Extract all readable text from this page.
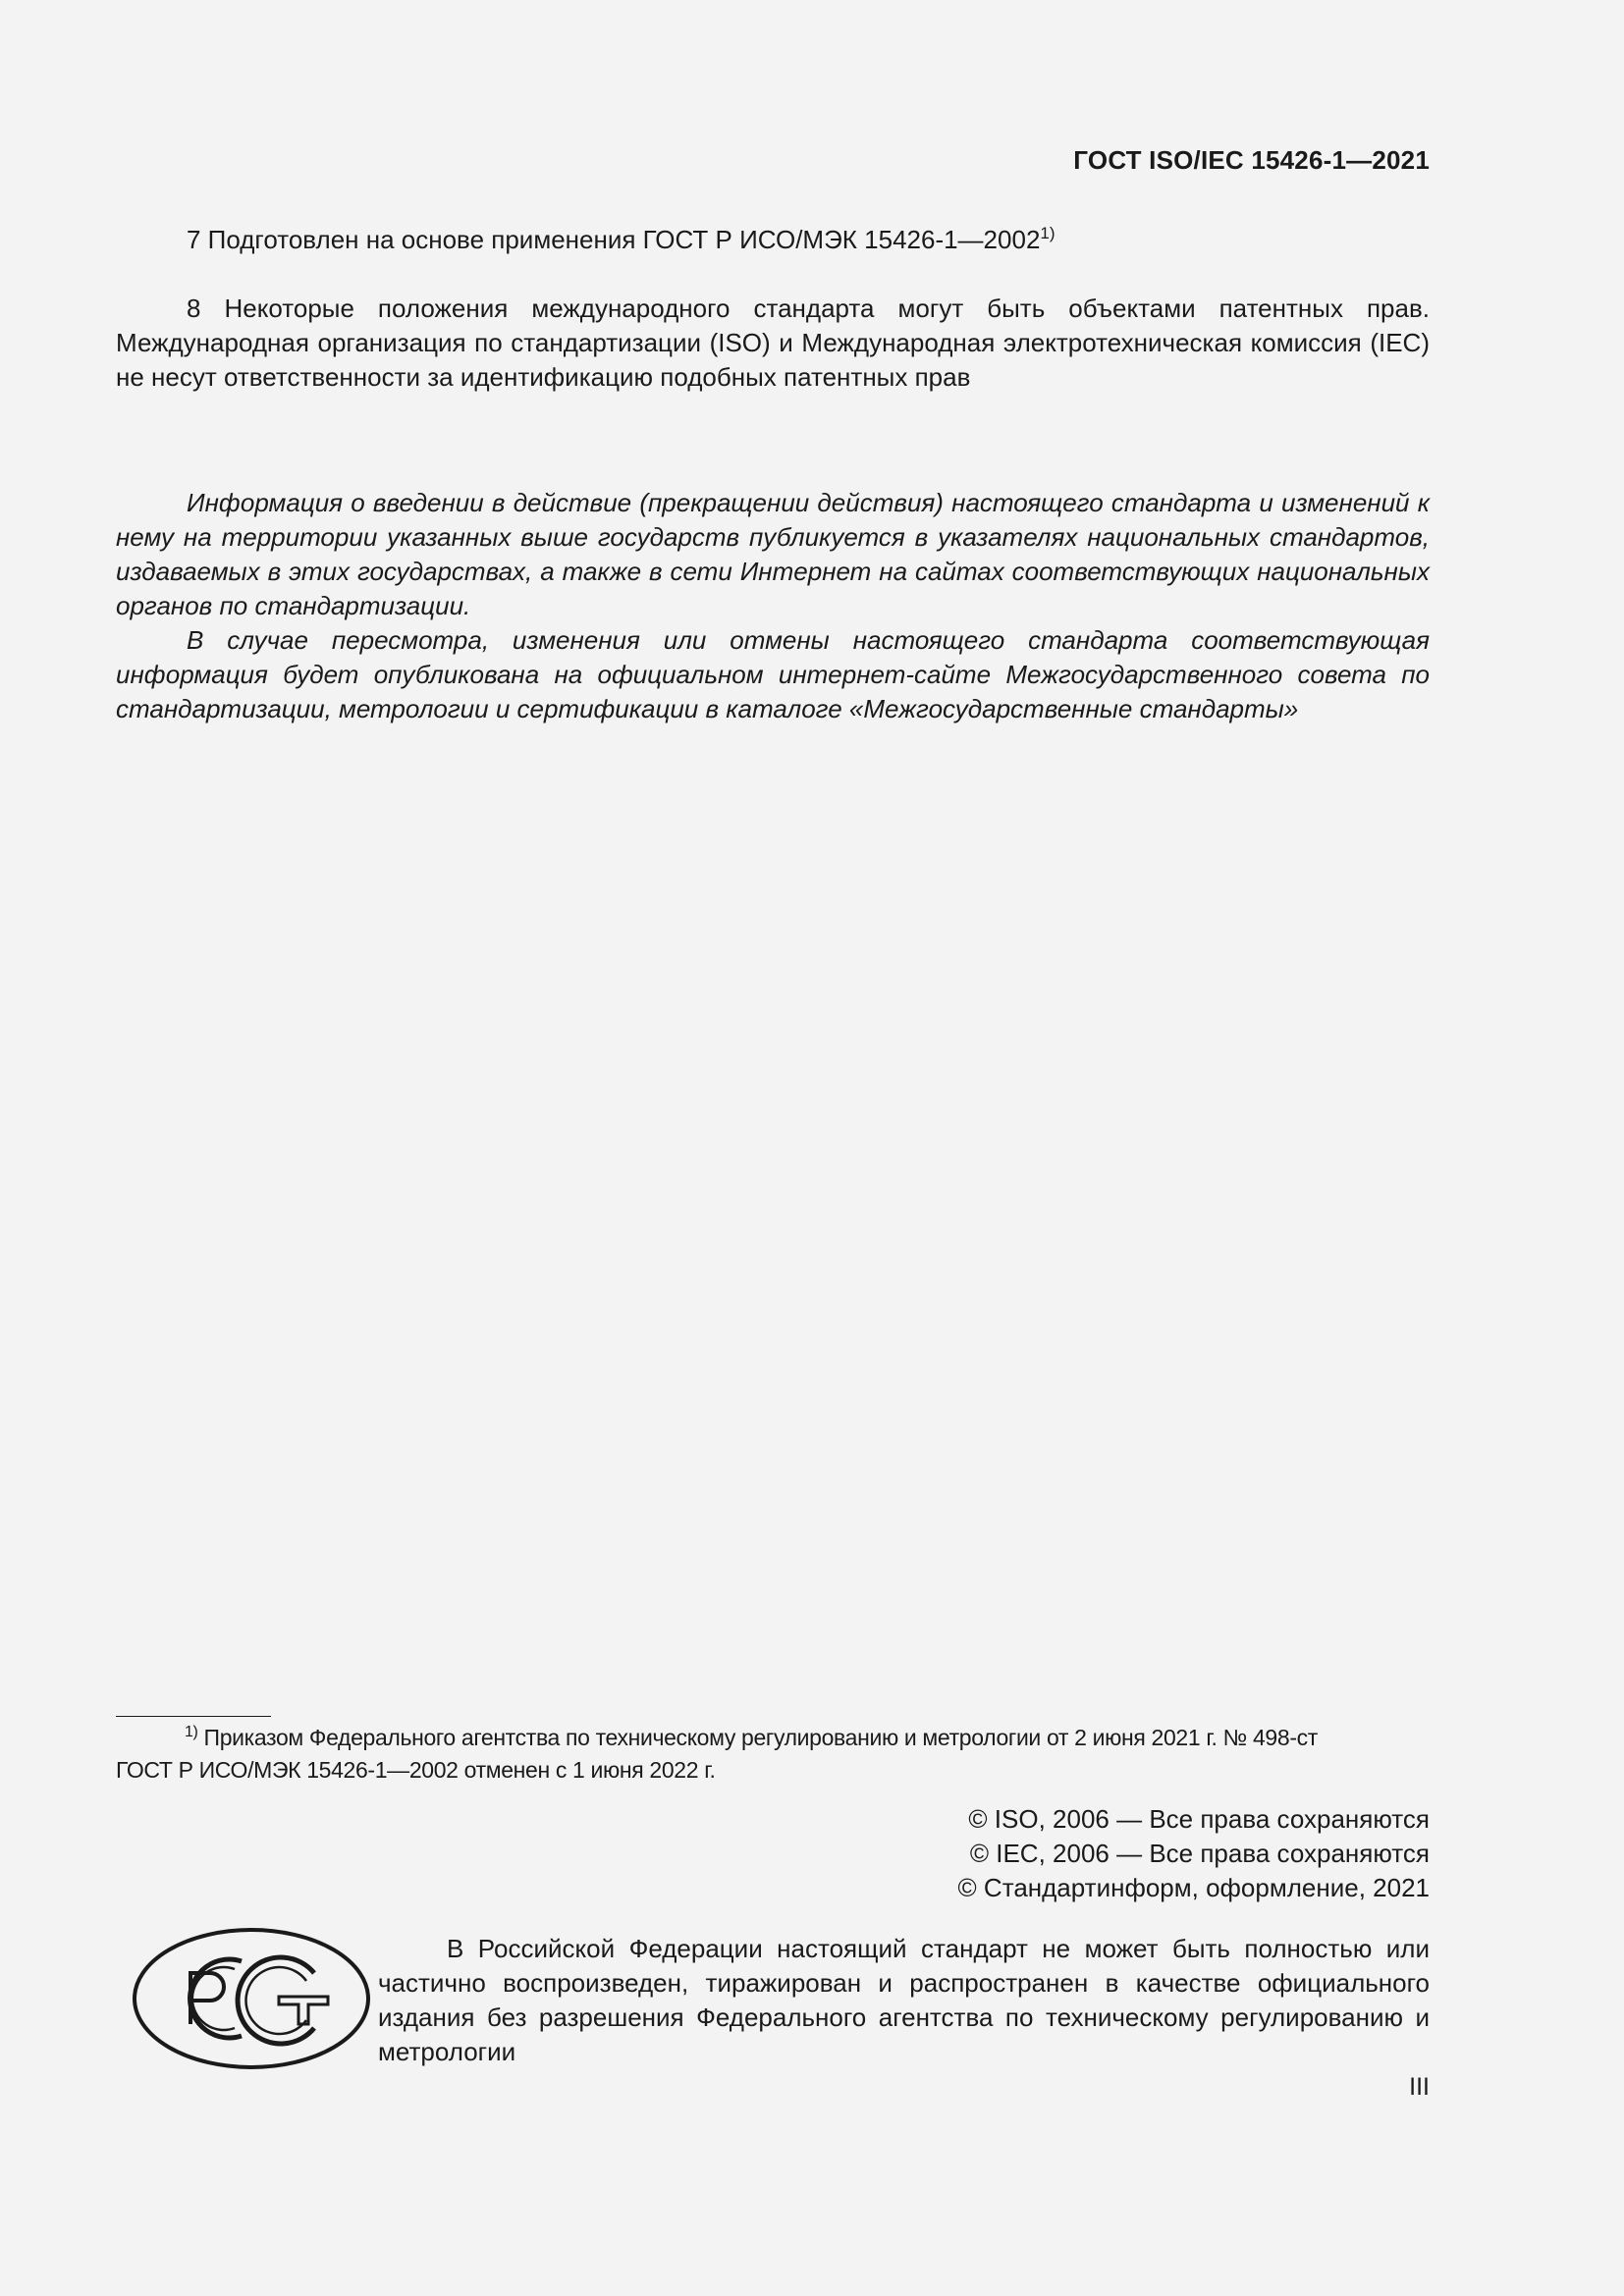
ГОСТ ISO/IEC 15426-1—2021

7 Подготовлен на основе применения ГОСТ Р ИСО/МЭК 15426-1—2002$^{1)}$

8 Некоторые положения международного стандарта могут быть объектами патентных прав. Международная организация по стандартизации (ISO) и Международная электротехническая комиссия (IEC) не несут ответственности за идентификацию подобных патентных прав

Информация о введении в действие (прекращении действия) настоящего стандарта и изменений к нему на территории указанных выше государств публикуется в указателях национальных стандартов, издаваемых в этих государствах, а также в сети Интернет на сайтах соответствующих национальных органов по стандартизации.

В случае пересмотра, изменения или отмены настоящего стандарта соответствующая информация будет опубликована на официальном интернет-сайте Межгосударственного совета по стандартизации, метрологии и сертификации в каталоге «Межгосударственные стандарты»

$^{1)}$ Приказом Федерального агентства по техническому регулированию и метрологии от 2 июня 2021 г. № 498-ст

ГОСТ Р ИСО/МЭК 15426-1—2002 отменен с 1 июня 2022 г.

© ISO, 2006 — Все права сохраняются
© IEC, 2006 — Все права сохраняются
© Стандартинформ, оформление, 2021

В Российской Федерации настоящий стандарт не может быть полностью или частично воспроизведен, тиражирован и распространен в качестве официального издания без разрешения Федерального агентства по техническому регулированию и метрологии

III
